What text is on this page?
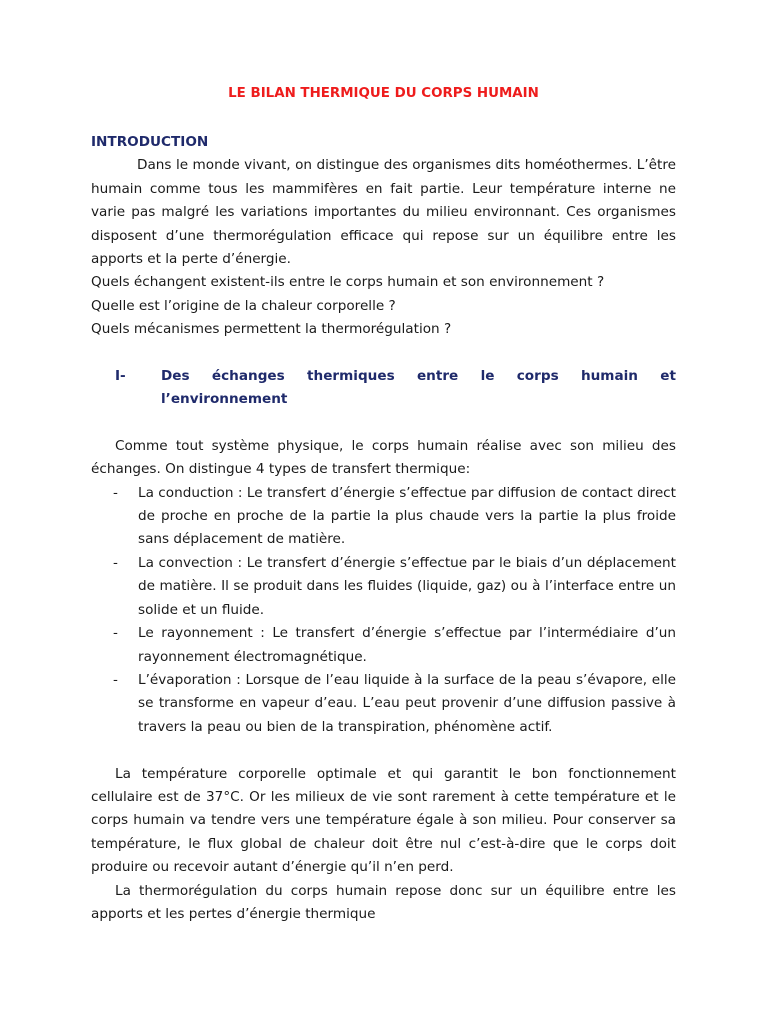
LE BILAN THERMIQUE DU CORPS HUMAIN
INTRODUCTION

Dans le monde vivant, on distingue des organismes dits homéothermes. L’être humain comme tous les mammifères en fait partie. Leur température interne ne varie pas malgré les variations importantes du milieu environnant. Ces organismes disposent d’une thermorégulation efficace qui repose sur un équilibre entre les apports et la perte d’énergie.

Quels échangent existent-ils entre le corps humain et son environnement ?

Quelle est l’origine de la chaleur corporelle ?

Quels mécanismes permettent la thermorégulation ?

I-	Des échanges thermiques entre le corps humain et
l’environnement

Comme tout système physique, le corps humain réalise avec son milieu des échanges. On distingue 4 types de transfert thermique:

-	La conduction : Le transfert d’énergie s’effectue par diffusion de contact direct de proche en proche de la partie la plus chaude vers la partie la plus froide sans déplacement de matière.
-	La convection : Le transfert d’énergie s’effectue par le biais d’un déplacement de matière. Il se produit dans les fluides (liquide, gaz) ou à l’interface entre un solide et un fluide.
-	Le rayonnement : Le transfert d’énergie s’effectue par l’intermédiaire d’un rayonnement électromagnétique.
-	L’évaporation : Lorsque de l’eau liquide à la surface de la peau s’évapore, elle se transforme en vapeur d’eau. L’eau peut provenir d’une diffusion passive à travers la peau ou bien de la transpiration, phénomène actif.

La température corporelle optimale et qui garantit le bon fonctionnement cellulaire est de 37°C. Or les milieux de vie sont rarement à cette température et le corps humain va tendre vers une température égale à son milieu. Pour conserver sa température, le flux global de chaleur doit être nul c’est-à-dire que le corps doit produire ou recevoir autant d’énergie qu’il n’en perd.

La thermorégulation du corps humain repose donc sur un équilibre entre les apports et les pertes d’énergie thermique
